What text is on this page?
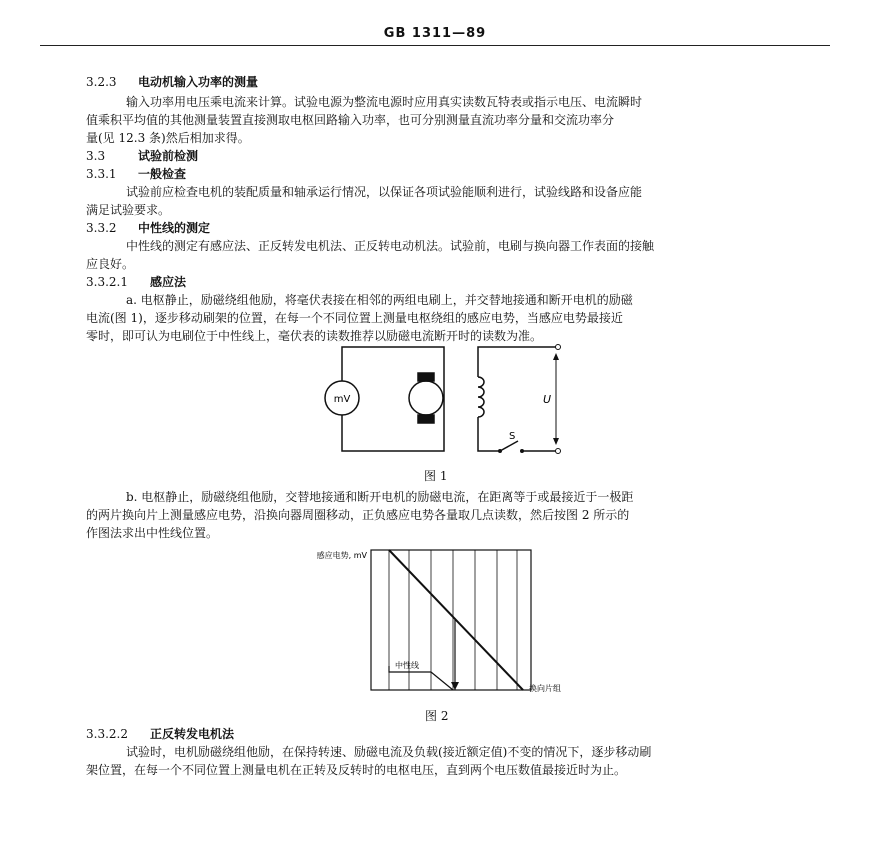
GB 1311—89
3.2.3 电动机输入功率的测量
输入功率用电压乘电流来计算。试验电源为整流电源时应用真实读数瓦特表或指示电压、电流瞬时
值乘积平均值的其他测量装置直接测取电枢回路输入功率，也可分别测量直流功率分量和交流功率分
量(见 12.3 条)然后相加求得。
3.3	试验前检测
3.3.1 一般检查
试验前应检查电机的装配质量和轴承运行情况，以保证各项试验能顺利进行，试验线路和设备应能
满足试验要求。
3.3.2 中性线的测定
中性线的测定有感应法、正反转发电机法、正反转电动机法。试验前，电刷与换向器工作表面的接触
应良好。
3.3.2.1 感应法
a. 电枢静止，励磁绕组他励，将毫伏表接在相邻的两组电刷上，并交替地接通和断开电机的励磁
电流(图 1)，逐步移动刷架的位置，在每一个不同位置上测量电枢绕组的感应电势，当感应电势最接近
零时，即可认为电刷位于中性线上，毫伏表的读数推荐以励磁电流断开时的读数为准。
mV
S
U
图 1
b. 电枢静止，励磁绕组他励，交替地接通和断开电机的励磁电流，在距离等于或最接近于一极距
的两片换向片上测量感应电势，沿换向器周圈移动，正负感应电势各量取几点读数，然后按图 2 所示的
作图法求出中性线位置。
感应电势, mV
中性线
换向片组
图 2
3.3.2.2 正反转发电机法
试验时，电机励磁绕组他励，在保持转速、励磁电流及负载(接近额定值)不变的情况下，逐步移动刷
架位置，在每一个不同位置上测量电机在正转及反转时的电枢电压，直到两个电压数值最接近时为止。
